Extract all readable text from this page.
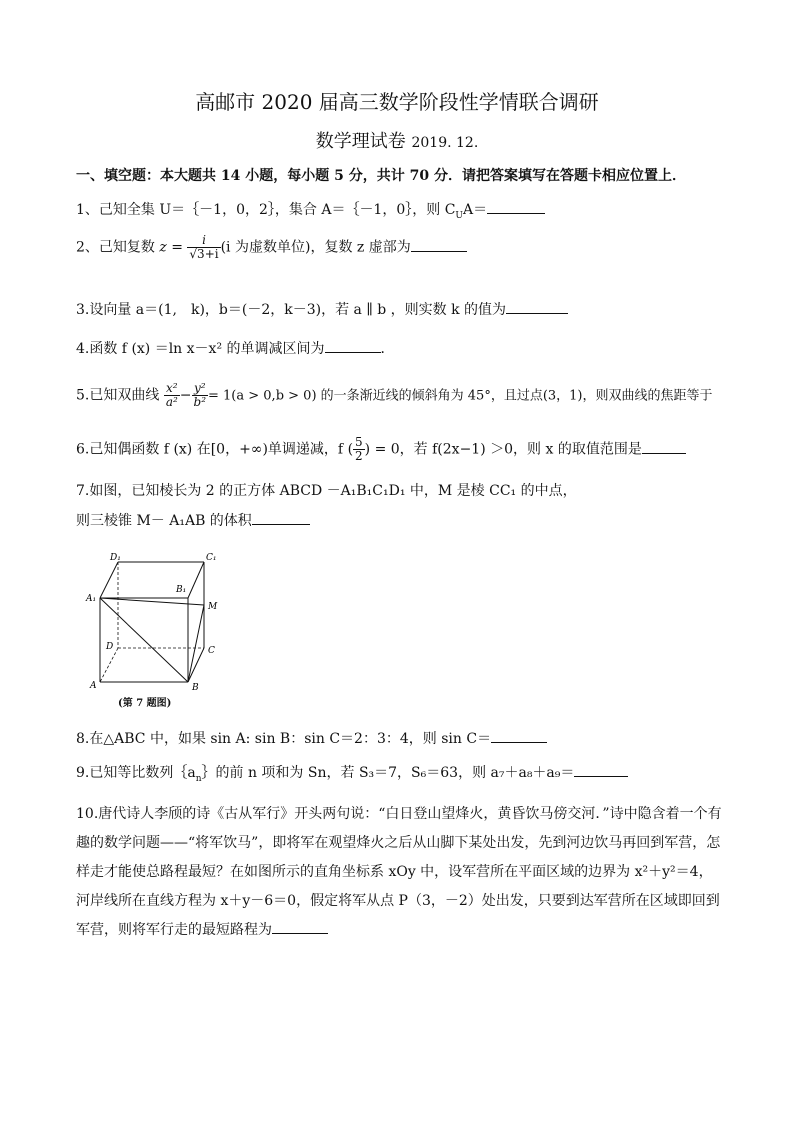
高邮市 2020 届高三数学阶段性学情联合调研
数学理试卷 2019. 12.
一、填空题：本大题共 14 小题，每小题 5 分，共计 70 分．请把答案填写在答题卡相应位置上．
1、己知全集 U＝｛－1，0，2｝，集合 A＝｛－1，0｝，则 $C_UA=$
2、己知复数 $z = \frac{i}{√3+i} (i$ 为虚数单位)，复数 z 虚部为
3.设向量 a＝(1,　k)，b＝(－2，k－3)，若 a ∥ b ，则实数 k 的值为
4.函数 f (x) ＝ln x－x² 的单调减区间为	．
5.已知双曲线 $\frac{\text{x²}}{\text{a²}} - \frac{\text{y²}}{\text{b²}} = 1(a > 0,b > 0)$ 的一条渐近线的倾斜角为 45°，且过点(3，1)，则双曲线的焦距等于
6.己知偶函数 f (x) 在[0，+∞)单调递减，f ( $\frac{5}{2}$ ) = 0，若 f(2x−1) ＞0，则 x 的取值范围是
7.如图，已知棱长为 2 的正方体 ABCD －A₁B₁C₁D₁ 中，M 是棱 CC₁ 的中点，
则三棱锥 M－ A₁AB 的体积
D₁	C₁
B₁
A₁
M
D	C
A	B
(第 7 题图)
8.在△ABC 中，如果 sin A: sin B：sin C＝2：3：4，则 sin C＝
9.已知等比数列$\{a_n\}$的前 n 项和为 Sn，若 S₃＝7，S₆＝63，则 a₇＋a₈＋a₉＝
10.唐代诗人李颀的诗《古从军行》开头两句说：“白日登山望烽火，黄昏饮马傍交河．”诗中隐含着一个有趣的数学问题——“将军饮马”，即将军在观望烽火之后从山脚下某处出发，先到河边饮马再回到军营，怎样走才能使总路程最短？在如图所示的直角坐标系 xOy 中，设军营所在平面区域的边界为 x²＋y²＝4，河岸线所在直线方程为 x＋y－6＝0，假定将军从点 P（3，－2）处出发，只要到达军营所在区域即回到军营，则将军行走的最短路程为
